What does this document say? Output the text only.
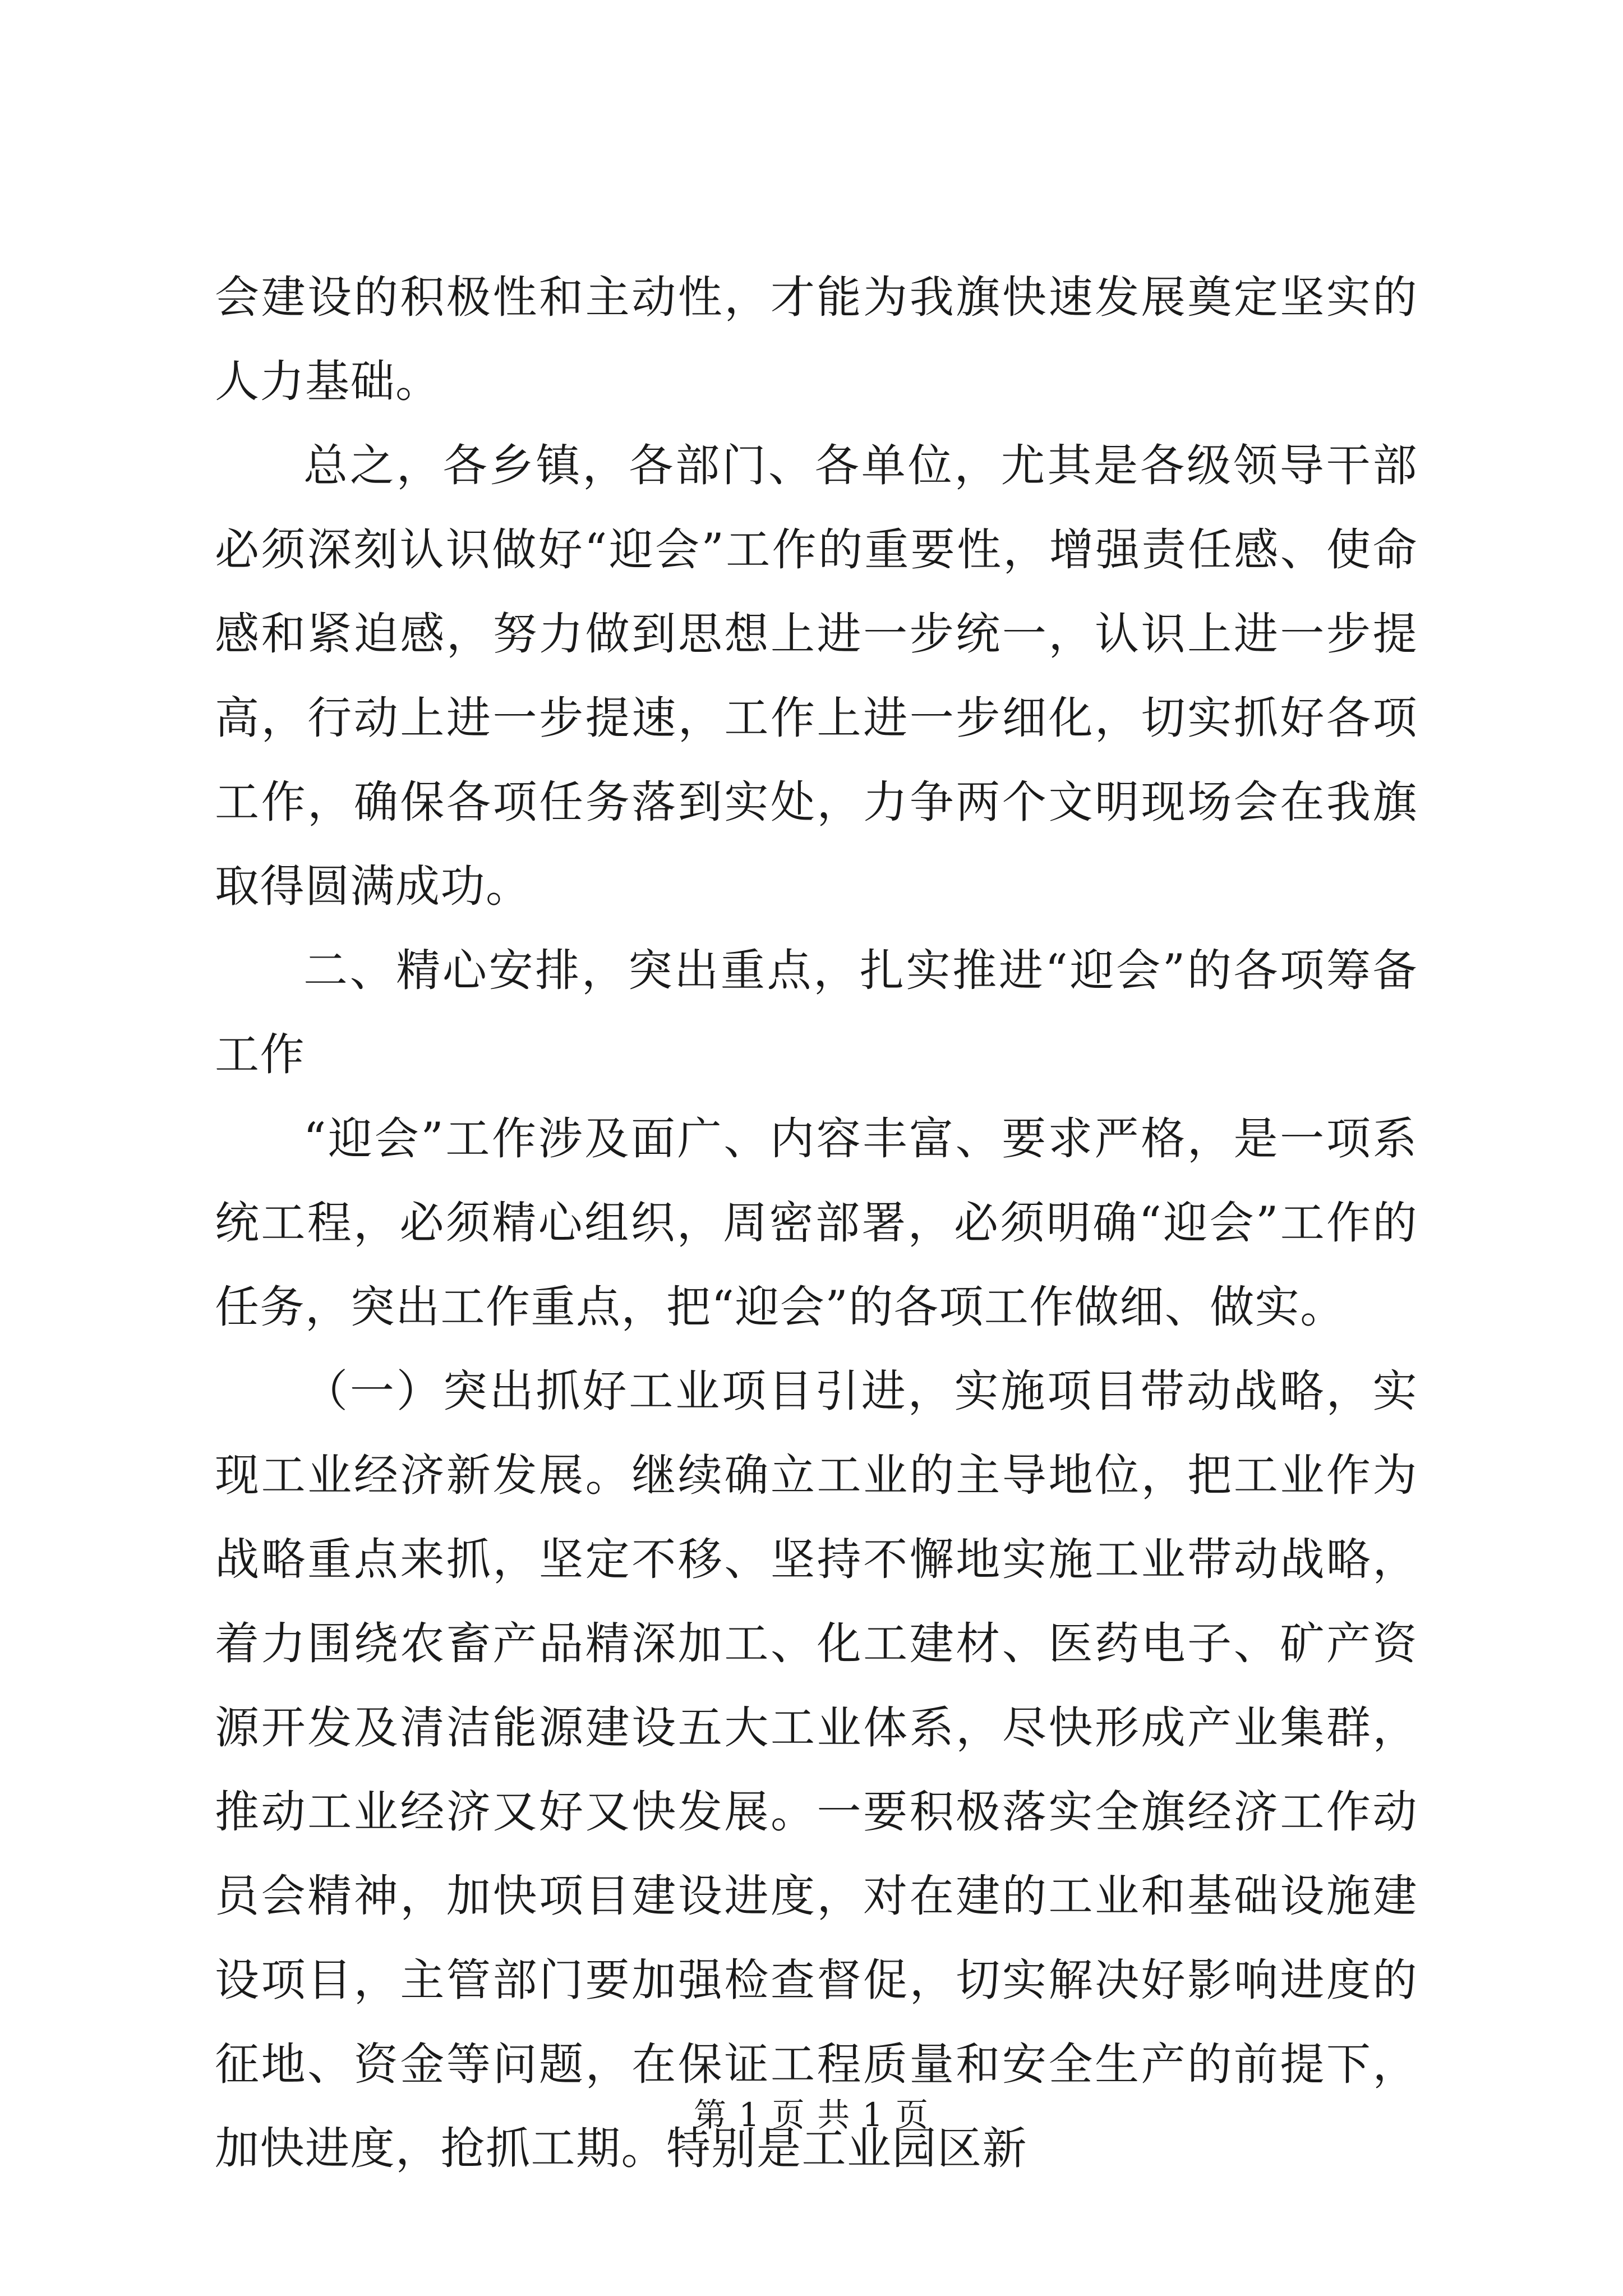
会建设的积极性和主动性，才能为我旗快速发展奠定坚实的人力基础。

总之，各乡镇，各部门、各单位，尤其是各级领导干部必须深刻认识做好“迎会”工作的重要性，增强责任感、使命感和紧迫感，努力做到思想上进一步统一，认识上进一步提高，行动上进一步提速，工作上进一步细化，切实抓好各项工作，确保各项任务落到实处，力争两个文明现场会在我旗取得圆满成功。

二、精心安排，突出重点，扎实推进“迎会”的各项筹备工作

“迎会”工作涉及面广、内容丰富、要求严格，是一项系统工程，必须精心组织，周密部署，必须明确“迎会”工作的任务，突出工作重点，把“迎会”的各项工作做细、做实。

（一）突出抓好工业项目引进，实施项目带动战略，实现工业经济新发展。继续确立工业的主导地位，把工业作为战略重点来抓，坚定不移、坚持不懈地实施工业带动战略，着力围绕农畜产品精深加工、化工建材、医药电子、矿产资源开发及清洁能源建设五大工业体系，尽快形成产业集群，推动工业经济又好又快发展。一要积极落实全旗经济工作动员会精神，加快项目建设进度，对在建的工业和基础设施建设项目，主管部门要加强检查督促，切实解决好影响进度的征地、资金等问题，在保证工程质量和安全生产的前提下，加快进度，抢抓工期。特别是工业园区新

第 1 页 共 1 页
